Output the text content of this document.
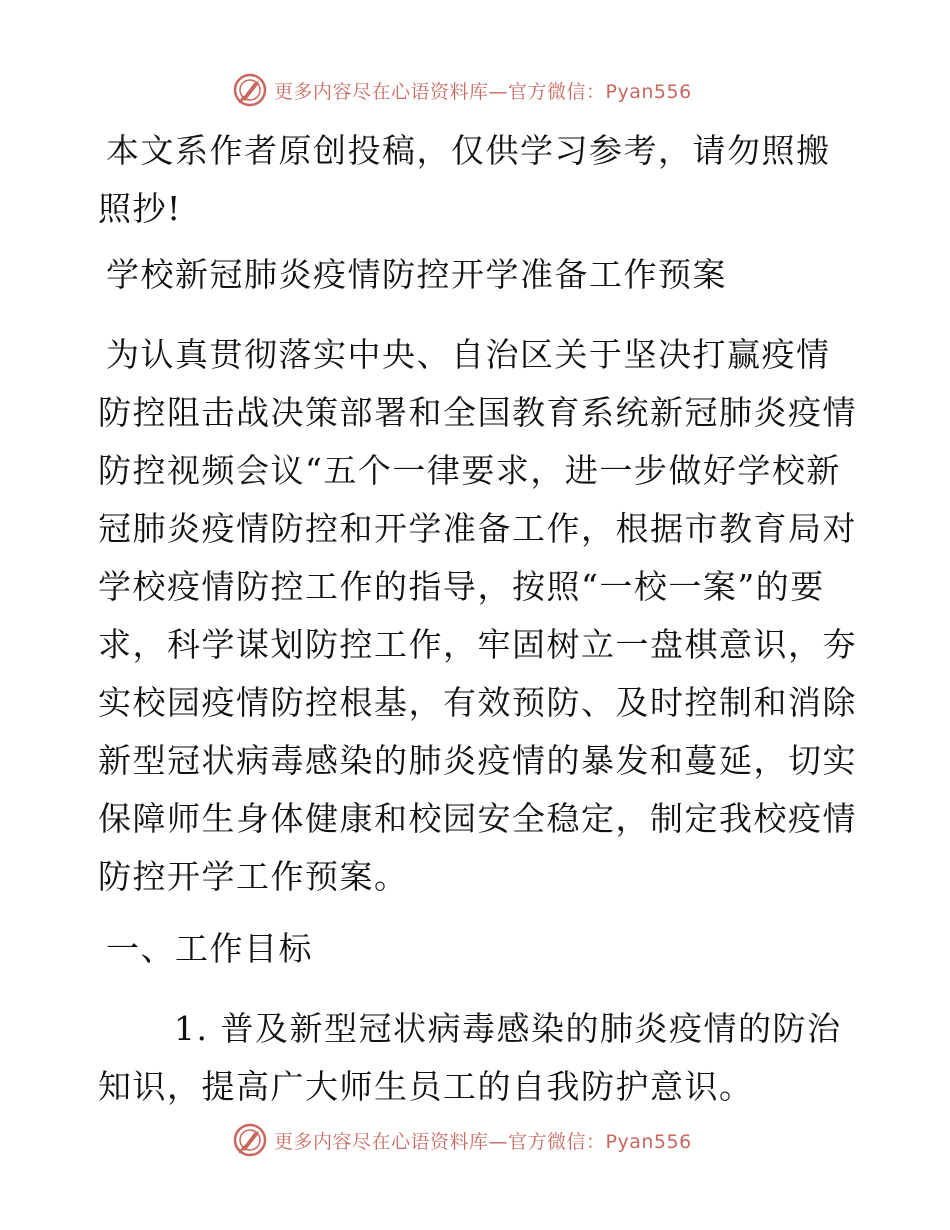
更多内容尽在心语资料库—官方微信：Pyan556

本文系作者原创投稿，仅供学习参考，请勿照搬照抄!

学校新冠肺炎疫情防控开学准备工作预案

为认真贯彻落实中央、自治区关于坚决打赢疫情防控阻击战决策部署和全国教育系统新冠肺炎疫情防控视频会议“五个一律要求，进一步做好学校新冠肺炎疫情防控和开学准备工作，根据市教育局对学校疫情防控工作的指导，按照“一校一案”的要求，科学谋划防控工作，牢固树立一盘棋意识，夯实校园疫情防控根基，有效预防、及时控制和消除新型冠状病毒感染的肺炎疫情的暴发和蔓延，切实保障师生身体健康和校园安全稳定，制定我校疫情防控开学工作预案。

一、工作目标

1. 普及新型冠状病毒感染的肺炎疫情的防治知识，提高广大师生员工的自我防护意识。

更多内容尽在心语资料库—官方微信：Pyan556
